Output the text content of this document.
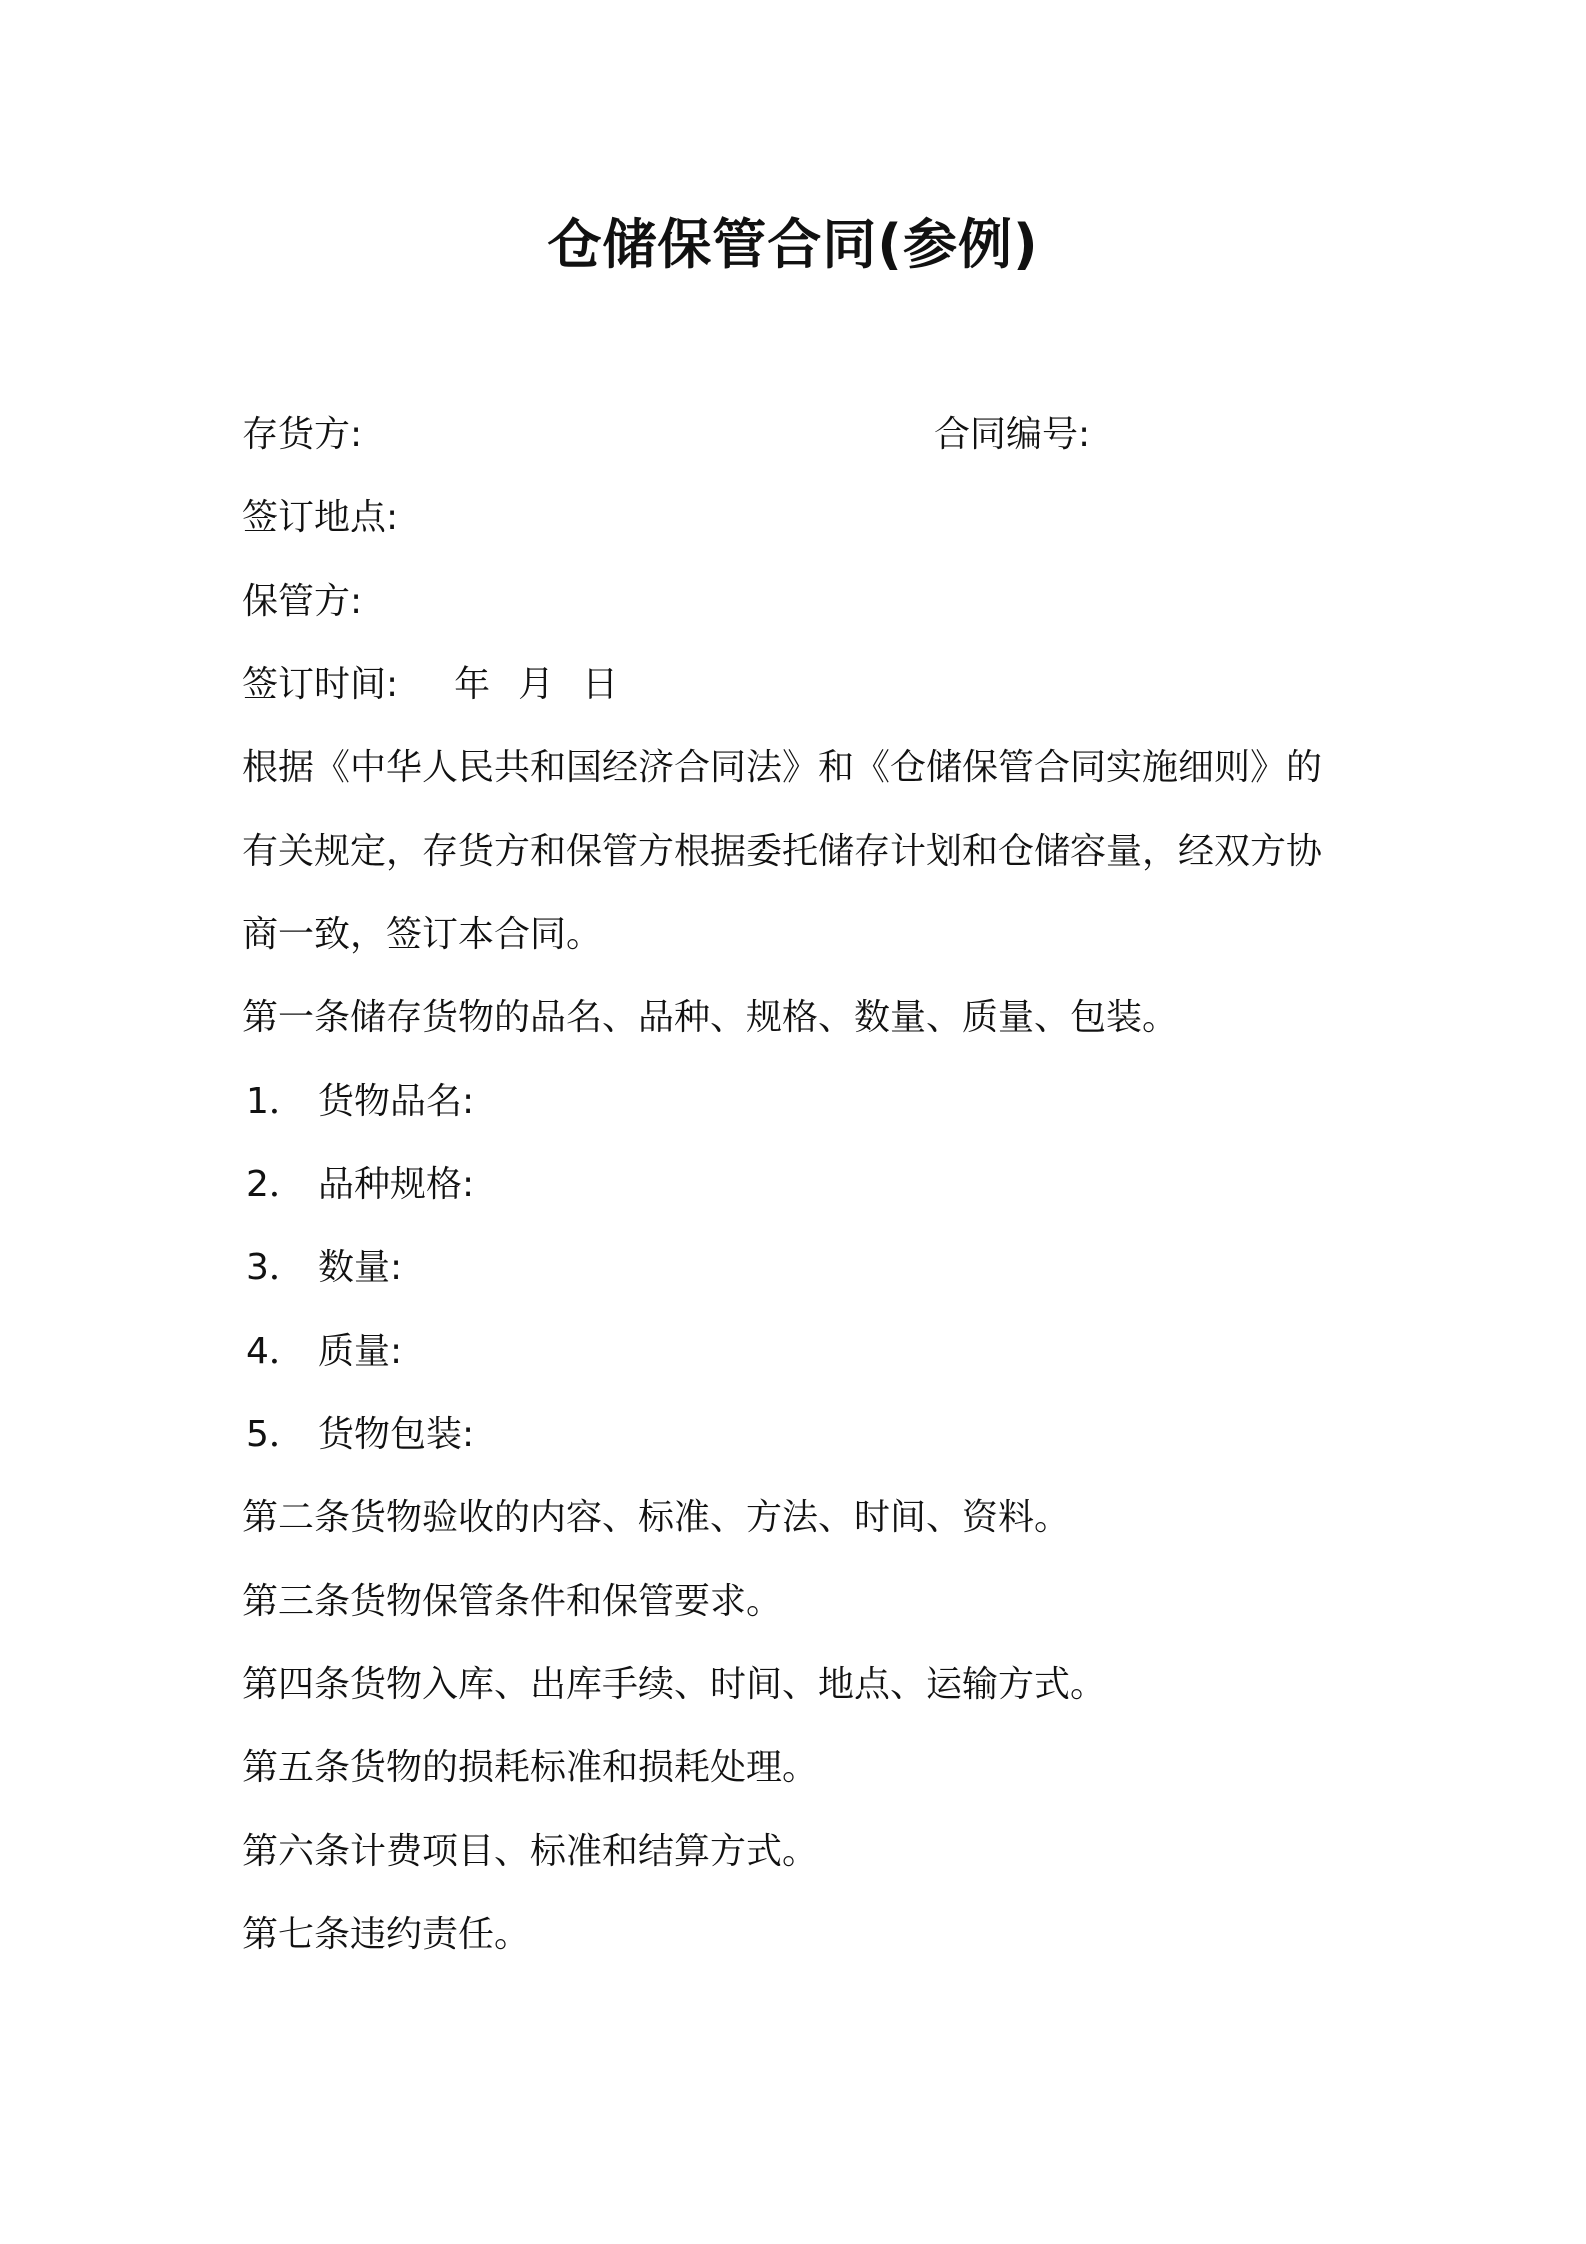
仓储保管合同(参例)
存货方:	合同编号:
签订地点:
保管方:
签订时间: 年 月 日
根据《中华人民共和国经济合同法》和《仓储保管合同实施细则》的
有关规定，存货方和保管方根据委托储存计划和仓储容量，经双方协
商一致，签订本合同。
第一条储存货物的品名、品种、规格、数量、质量、包装。
1． 货物品名:
2． 品种规格:
3． 数量:
4． 质量:
5． 货物包装:
第二条货物验收的内容、标准、方法、时间、资料。
第三条货物保管条件和保管要求。
第四条货物入库、出库手续、时间、地点、运输方式。
第五条货物的损耗标准和损耗处理。
第六条计费项目、标准和结算方式。
第七条违约责任。
